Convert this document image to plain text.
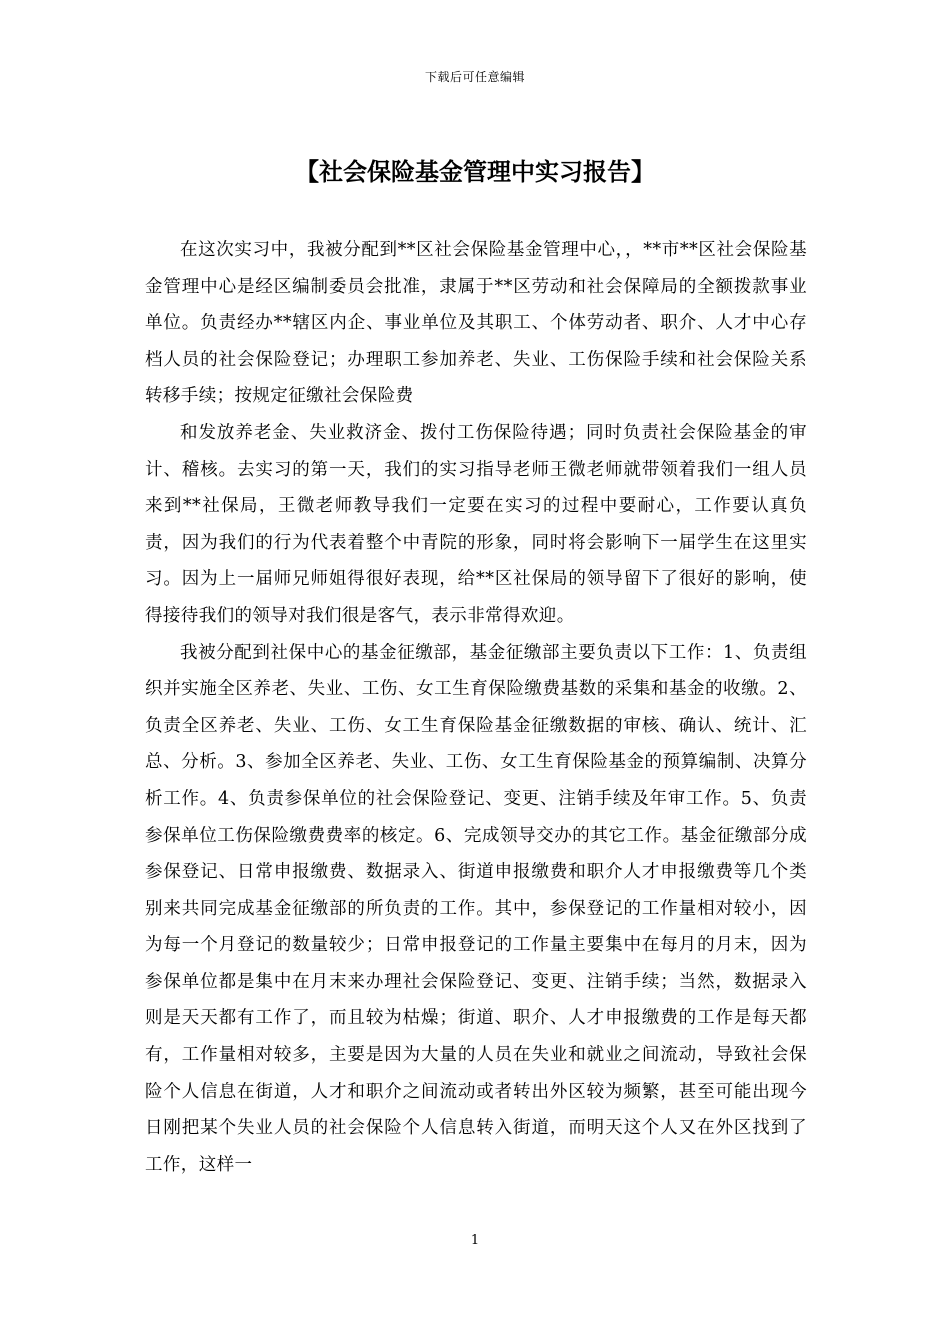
下载后可任意编辑
【社会保险基金管理中实习报告】

在这次实习中，我被分配到**区社会保险基金管理中心，，**市**区社会保险基金管理中心是经区编制委员会批准，隶属于**区劳动和社会保障局的全额拨款事业单位。负责经办**辖区内企、事业单位及其职工、个体劳动者、职介、人才中心存档人员的社会保险登记；办理职工参加养老、失业、工伤保险手续和社会保险关系转移手续；按规定征缴社会保险费

和发放养老金、失业救济金、拨付工伤保险待遇；同时负责社会保险基金的审计、稽核。去实习的第一天，我们的实习指导老师王微老师就带领着我们一组人员来到**社保局，王微老师教导我们一定要在实习的过程中要耐心，工作要认真负责，因为我们的行为代表着整个中青院的形象，同时将会影响下一届学生在这里实习。因为上一届师兄师姐得很好表现，给**区社保局的领导留下了很好的影响，使得接待我们的领导对我们很是客气，表示非常得欢迎。

我被分配到社保中心的基金征缴部，基金征缴部主要负责以下工作：1、负责组织并实施全区养老、失业、工伤、女工生育保险缴费基数的采集和基金的收缴。2、负责全区养老、失业、工伤、女工生育保险基金征缴数据的审核、确认、统计、汇总、分析。3、参加全区养老、失业、工伤、女工生育保险基金的预算编制、决算分析工作。4、负责参保单位的社会保险登记、变更、注销手续及年审工作。5、负责参保单位工伤保险缴费费率的核定。6、完成领导交办的其它工作。基金征缴部分成参保登记、日常申报缴费、数据录入、街道申报缴费和职介人才申报缴费等几个类别来共同完成基金征缴部的所负责的工作。其中，参保登记的工作量相对较小，因为每一个月登记的数量较少；日常申报登记的工作量主要集中在每月的月末，因为参保单位都是集中在月末来办理社会保险登记、变更、注销手续；当然，数据录入则是天天都有工作了，而且较为枯燥；街道、职介、人才申报缴费的工作是每天都有，工作量相对较多，主要是因为大量的人员在失业和就业之间流动，导致社会保险个人信息在街道，人才和职介之间流动或者转出外区较为频繁，甚至可能出现今日刚把某个失业人员的社会保险个人信息转入街道，而明天这个人又在外区找到了工作，这样一

1
